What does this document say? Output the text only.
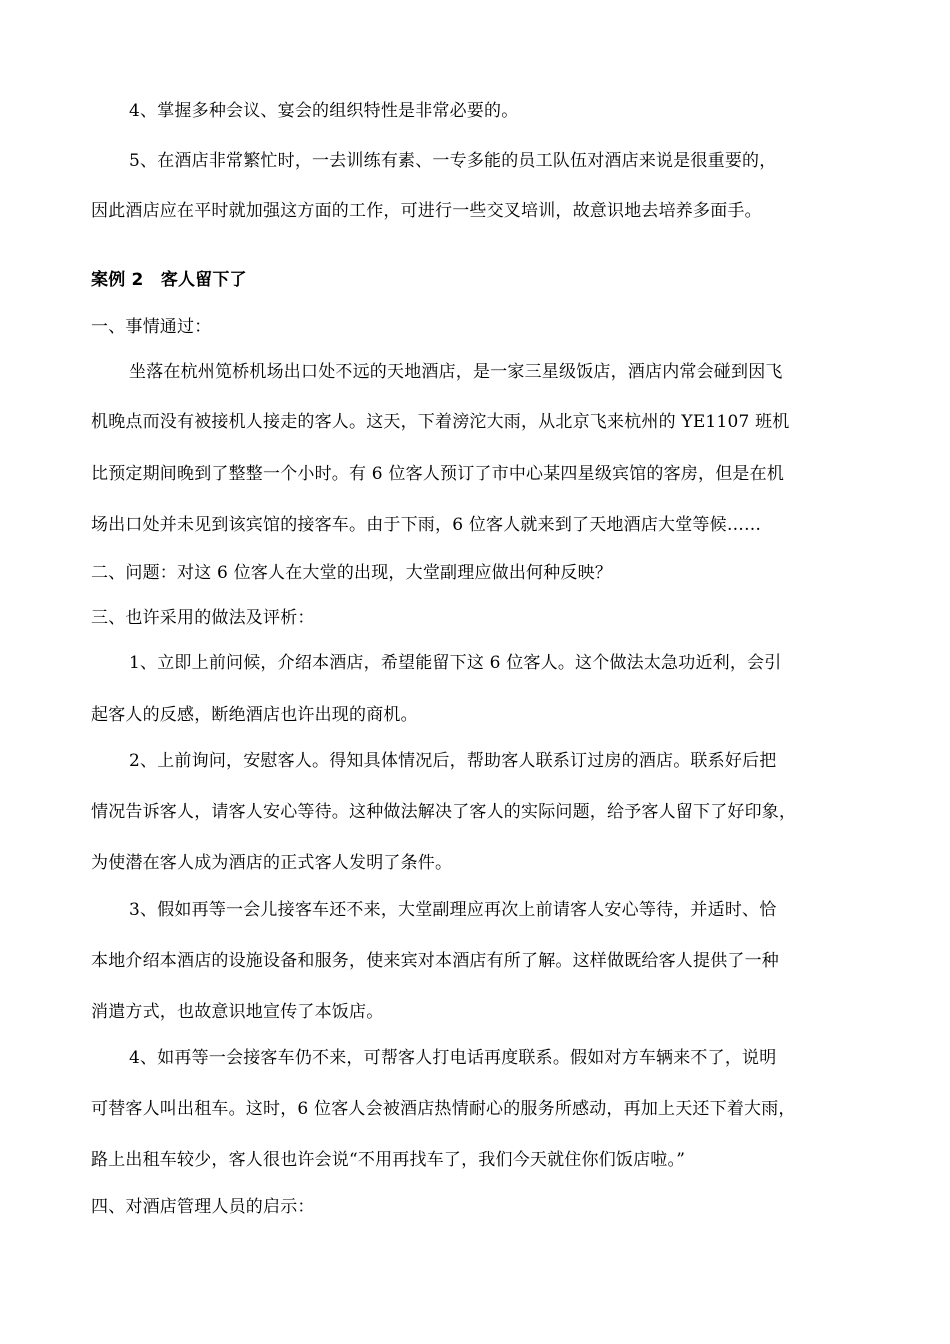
4、掌握多种会议、宴会的组织特性是非常必要的。
5、在酒店非常繁忙时，一去训练有素、一专多能的员工队伍对酒店来说是很重要的，
因此酒店应在平时就加强这方面的工作，可进行一些交叉培训，故意识地去培养多面手。
案例 2　客人留下了
一、事情通过：
坐落在杭州笕桥机场出口处不远的天地酒店，是一家三星级饭店，酒店内常会碰到因飞
机晚点而没有被接机人接走的客人。这天，下着滂沱大雨，从北京飞来杭州的 YE1107 班机
比预定期间晚到了整整一个小时。有 6 位客人预订了市中心某四星级宾馆的客房，但是在机
场出口处并未见到该宾馆的接客车。由于下雨，6 位客人就来到了天地酒店大堂等候……
二、问题：对这 6 位客人在大堂的出现，大堂副理应做出何种反映？
三、也许采用的做法及评析：
1、立即上前问候，介绍本酒店，希望能留下这 6 位客人。这个做法太急功近利，会引
起客人的反感，断绝酒店也许出现的商机。
2、上前询问，安慰客人。得知具体情况后，帮助客人联系订过房的酒店。联系好后把
情况告诉客人，请客人安心等待。这种做法解决了客人的实际问题，给予客人留下了好印象，
为使潜在客人成为酒店的正式客人发明了条件。
3、假如再等一会儿接客车还不来，大堂副理应再次上前请客人安心等待，并适时、恰
本地介绍本酒店的设施设备和服务，使来宾对本酒店有所了解。这样做既给客人提供了一种
消遣方式，也故意识地宣传了本饭店。
4、如再等一会接客车仍不来，可帮客人打电话再度联系。假如对方车辆来不了，说明
可替客人叫出租车。这时，6 位客人会被酒店热情耐心的服务所感动，再加上天还下着大雨，
路上出租车较少，客人很也许会说“不用再找车了，我们今天就住你们饭店啦。”
四、对酒店管理人员的启示：
